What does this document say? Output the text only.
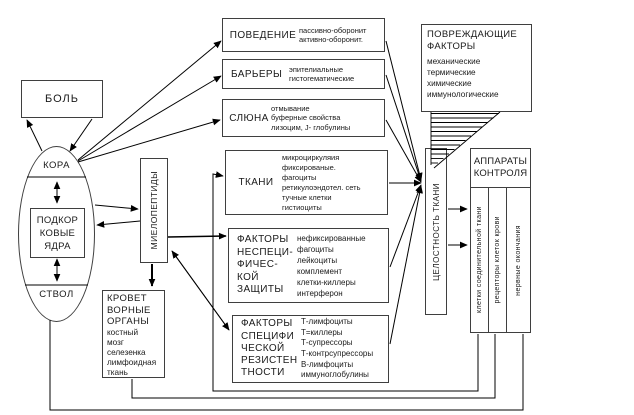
БОЛЬ
КОРА
ПОДКОР
КОВЫЕ
ЯДРА
СТВОЛ
МИЕЛОПЕПТИДЫ
КРОВЕТ
ВОРНЫЕ
ОРГАНЫ
костный
мозг
селезенка
лимфоидная
ткань
ПОВЕДЕНИЕ пассивно-оборонит
активно-оборонит.
БАРЬЕРЫ эпителиальные
гистогематические
СЛЮНА
отмывание
буферные свойства
лизоцим, J- глобулины
ТКАНИ
микроциркуляия
фиксированые.
фагоциты
ретикулоэндотел. сеть
тучные клетки
гистиоциты
ФАКТОРЫ
НЕСПЕЦИ-
ФИЧЕС-
КОЙ
ЗАЩИТЫ
нефиксированные
фагоциты
лейкоциты
комплемент
клетки-киллеры
интерферон
ФАКТОРЫ
СПЕЦИФИ
ЧЕСКОЙ
РЕЗИСТЕН
ТНОСТИ
Т-лимфоциты
Т=киллеры
Т-супрессоры
Т-контрсупрессоры
В-лимфоциты
иммуноглобулины
ПОВРЕЖДАЮЩИЕ
ФАКТОРЫ
механические
термические
химические
иммунологические
ЦЕЛОСТНОСТЬ ТКАНИ
АППАРАТЫ
КОНТРОЛЯ
клетки соединительной ткани рецепторы клеток крови нервные окончания
